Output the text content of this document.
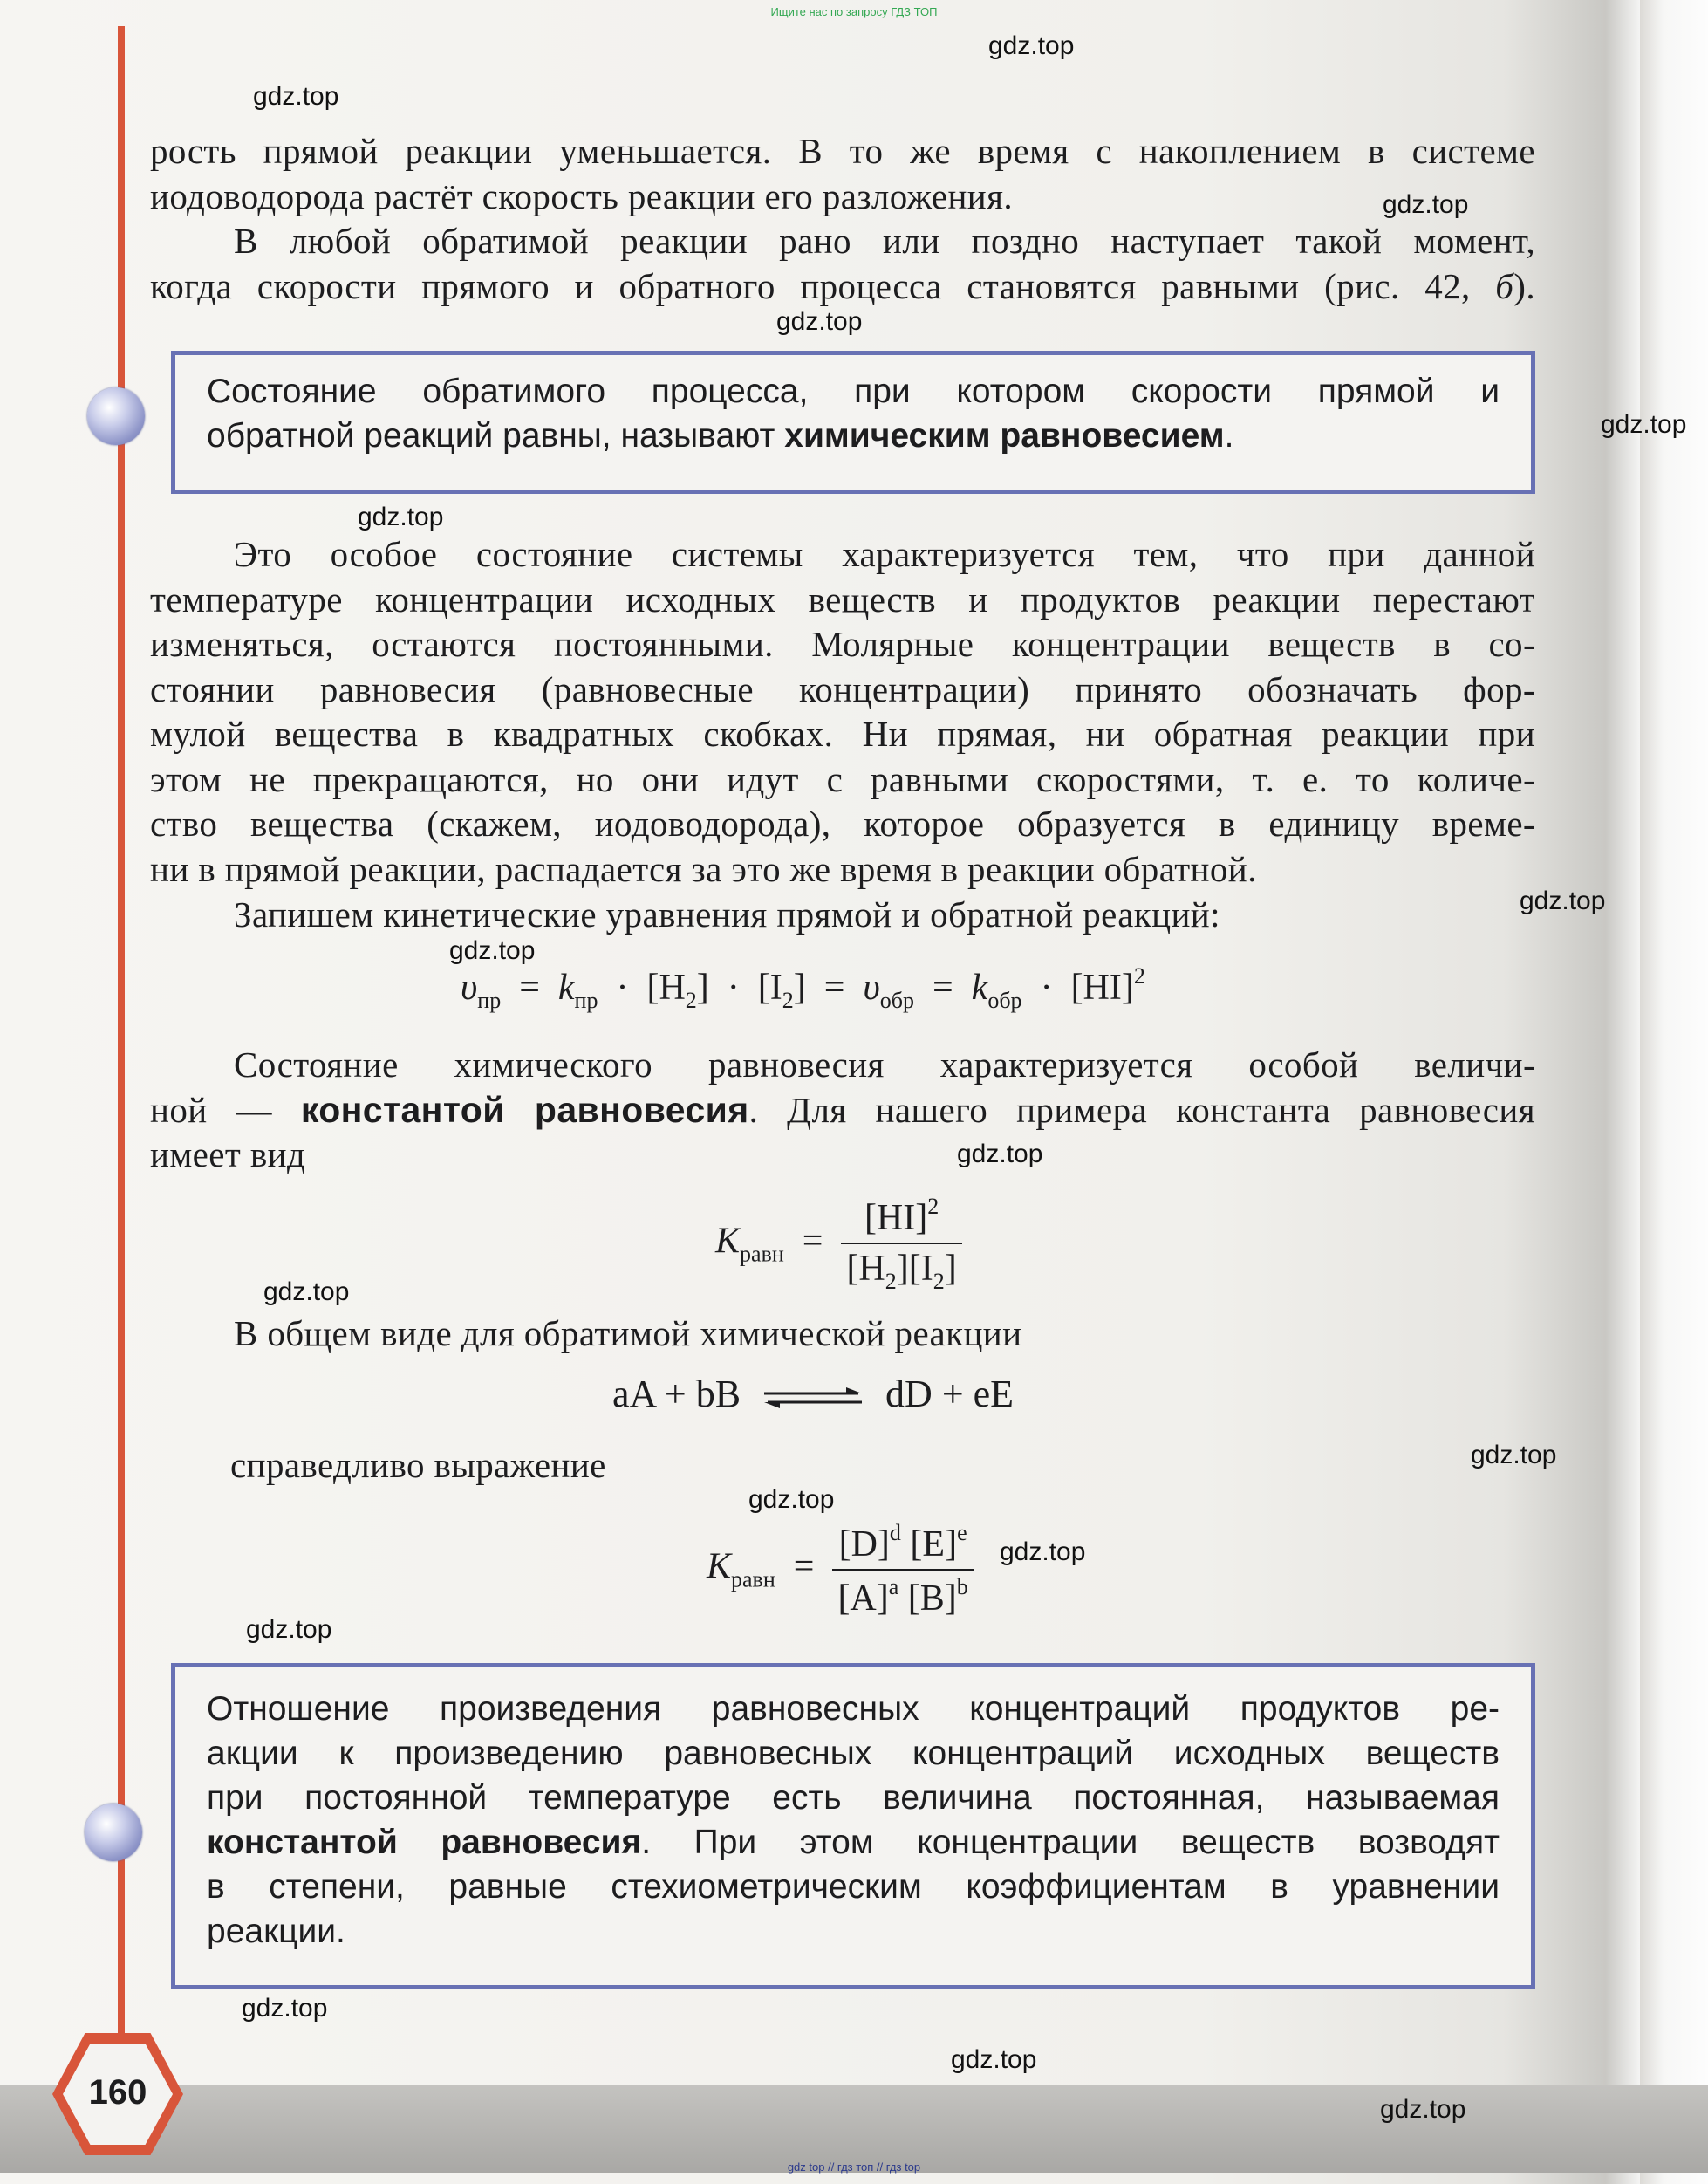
Ищите нас по запросу ГДЗ ТОП
gdz.top
gdz.top
gdz.top
gdz.top
gdz.top
gdz.top
gdz.top
gdz.top
gdz.top
gdz.top
gdz.top
gdz.top
gdz.top
gdz.top
gdz.top
gdz.top
gdz.top
рость прямой реакции уменьшается. В то же время с накоплением в системе
иодоводорода растёт скорость реакции его разложения.
В любой обратимой реакции рано или поздно наступает такой момент,
когда скорости прямого и обратного процесса становятся равными (рис. 42, б).
Состояние обратимого процесса, при котором скорости прямой и
обратной реакций равны, называют химическим равновесием.
Это особое состояние системы характеризуется тем, что при данной
температуре концентрации исходных веществ и продуктов реакции перестают
изменяться, остаются постоянными. Молярные концентрации веществ в со-
стоянии равновесия (равновесные концентрации) принято обозначать фор-
мулой вещества в квадратных скобках. Ни прямая, ни обратная реакции при
этом не прекращаются, но они идут с равными скоростями, т. е. то количе-
ство вещества (скажем, иодоводорода), которое образуется в единицу време-
ни в прямой реакции, распадается за это же время в реакции обратной.
Запишем кинетические уравнения прямой и обратной реакций:
$\upsilon_{пр} = k_{пр} \cdot [H_2] \cdot [I_2] = \upsilon_{обр} = k_{обр} \cdot [HI]^2$
Состояние химического равновесия характеризуется особой величи-
ной — константой равновесия. Для нашего примера константа равновесия
имеет вид
$K_{равн} = \frac{[HI]^2}{[H_2][I_2]}$
В общем виде для обратимой химической реакции
aA + bB ⇌ dD + eE
справедливо выражение
$K_{равн} = \frac{[D]^d [E]^e}{[A]^a [B]^b}$
Отношение произведения равновесных концентраций продуктов ре-
акции к произведению равновесных концентраций исходных веществ
при постоянной температуре есть величина постоянная, называемая
константой равновесия. При этом концентрации веществ возводят
в степени, равные стехиометрическим коэффициентам в уравнении
реакции.
160
gdz top // гдз топ // гдз top
